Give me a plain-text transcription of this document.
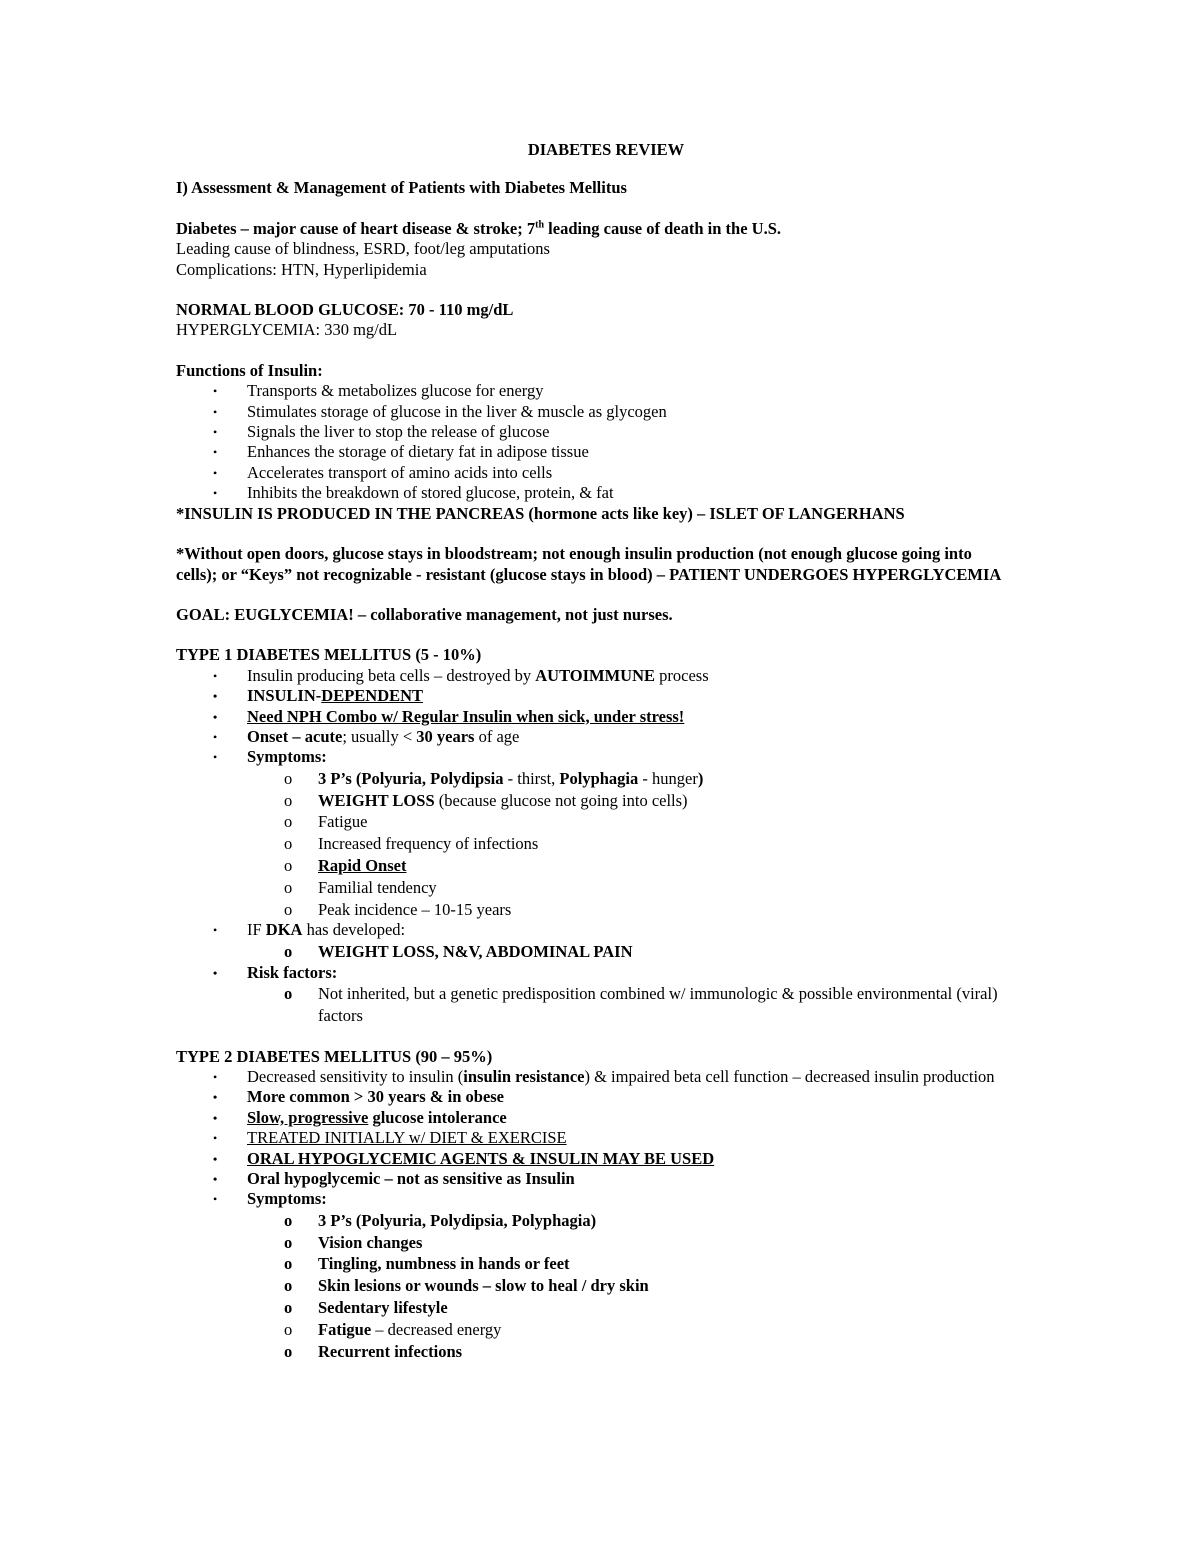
DIABETES REVIEW

I) Assessment & Management of Patients with Diabetes Mellitus

Diabetes – major cause of heart disease & stroke; 7th leading cause of death in the U.S.

Leading cause of blindness, ESRD, foot/leg amputations

Complications: HTN, Hyperlipidemia

NORMAL BLOOD GLUCOSE: 70 - 110 mg/dL

HYPERGLYCEMIA: 330 mg/dL

Functions of Insulin:

• Transports & metabolizes glucose for energy
• Stimulates storage of glucose in the liver & muscle as glycogen
• Signals the liver to stop the release of glucose
• Enhances the storage of dietary fat in adipose tissue
• Accelerates transport of amino acids into cells
• Inhibits the breakdown of stored glucose, protein, & fat

*INSULIN IS PRODUCED IN THE PANCREAS (hormone acts like key) – ISLET OF LANGERHANS

*Without open doors, glucose stays in bloodstream; not enough insulin production (not enough glucose going into cells); or “Keys” not recognizable - resistant (glucose stays in blood) – PATIENT UNDERGOES HYPERGLYCEMIA

GOAL: EUGLYCEMIA! – collaborative management, not just nurses.

TYPE 1 DIABETES MELLITUS (5 - 10%)

• Insulin producing beta cells – destroyed by AUTOIMMUNE process
• INSULIN-DEPENDENT
• Need NPH Combo w/ Regular Insulin when sick, under stress!
• Onset – acute; usually < 30 years of age
• Symptoms:
o 3 P’s (Polyuria, Polydipsia - thirst, Polyphagia - hunger)
o WEIGHT LOSS (because glucose not going into cells)
o Fatigue
o Increased frequency of infections
o Rapid Onset
o Familial tendency
o Peak incidence – 10-15 years
• IF DKA has developed:
o WEIGHT LOSS, N&V, ABDOMINAL PAIN
• Risk factors:
o Not inherited, but a genetic predisposition combined w/ immunologic & possible environmental (viral) factors

TYPE 2 DIABETES MELLITUS (90 – 95%)

• Decreased sensitivity to insulin (insulin resistance) & impaired beta cell function – decreased insulin production
• More common > 30 years & in obese
• Slow, progressive glucose intolerance
• TREATED INITIALLY w/ DIET & EXERCISE
• ORAL HYPOGLYCEMIC AGENTS & INSULIN MAY BE USED
• Oral hypoglycemic – not as sensitive as Insulin
• Symptoms:
o 3 P’s (Polyuria, Polydipsia, Polyphagia)
o Vision changes
o Tingling, numbness in hands or feet
o Skin lesions or wounds – slow to heal / dry skin
o Sedentary lifestyle
o Fatigue – decreased energy
o Recurrent infections
